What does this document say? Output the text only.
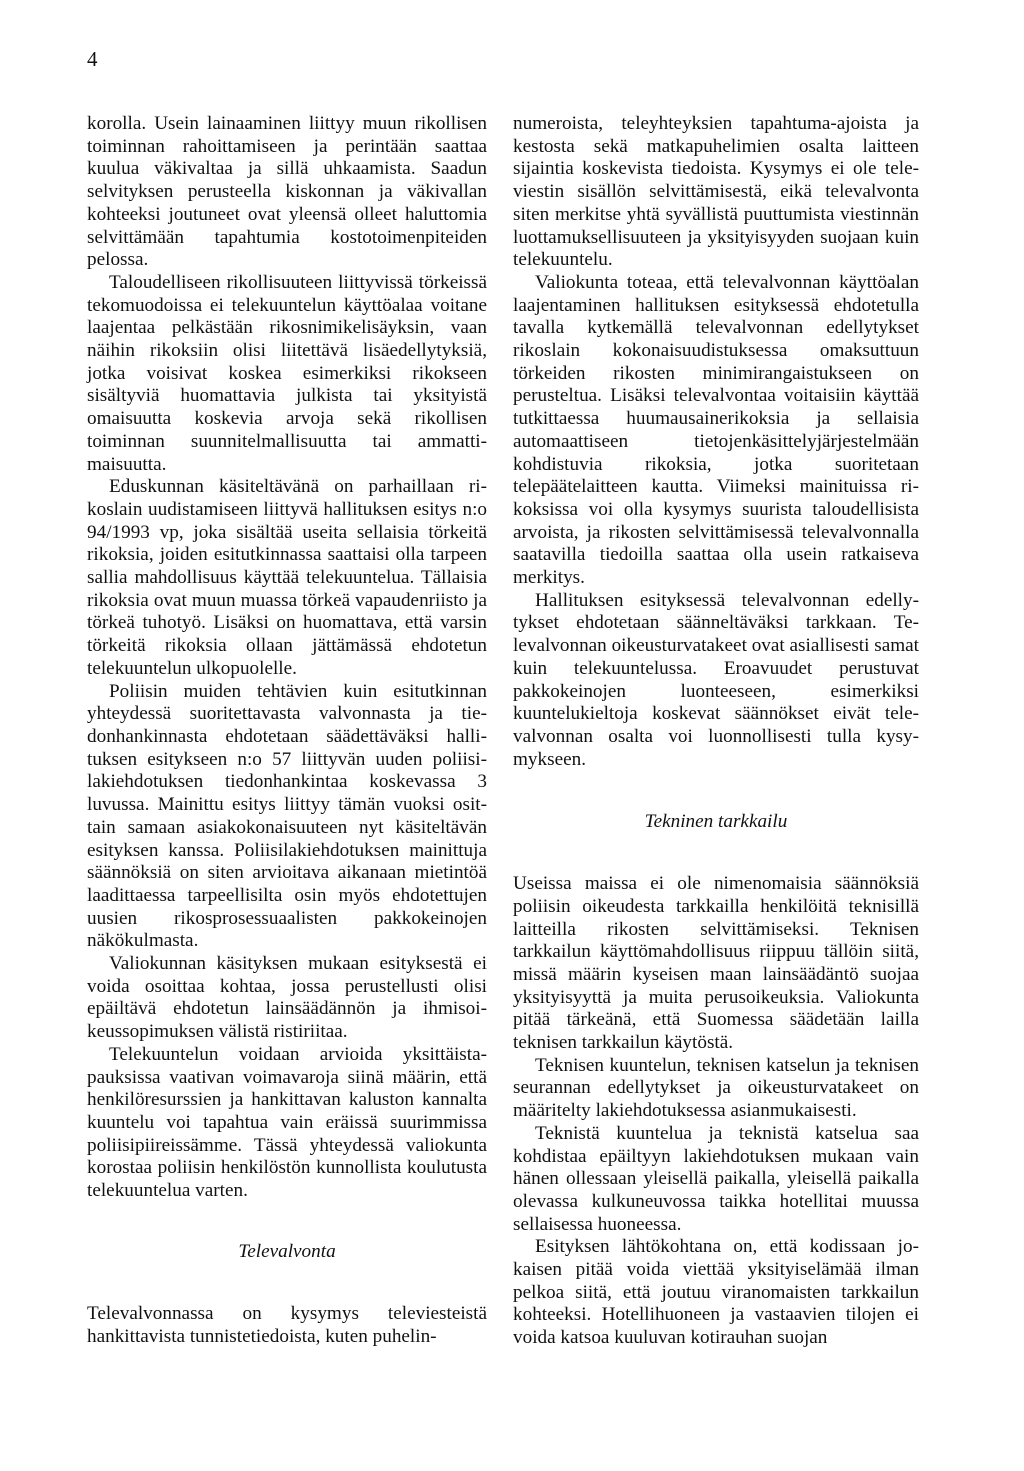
4

korolla. Usein lainaaminen liittyy muun rikollisen toiminnan rahoittamiseen ja perintään saattaa kuulua väkivaltaa ja sillä uhkaamista. Saadun selvityksen perusteella kiskonnan ja väkivallan kohteeksi joutuneet ovat yleensä olleet haluttomia selvittämään tapahtumia kostotoimenpiteiden pelossa.

Taloudelliseen rikollisuuteen liittyvissä törkeissä tekomuodoissa ei telekuuntelun käyttöalaa voitane laajentaa pelkästään rikosnimikelisäyksin, vaan näihin rikoksiin olisi liitettävä lisäedellytyksiä, jotka voisivat koskea esimerkiksi rikokseen sisältyviä huomattavia julkista tai yksityistä omaisuutta koskevia arvoja sekä rikollisen toiminnan suunnitelmallisuutta tai ammattimaisuutta.

Eduskunnan käsiteltävänä on parhaillaan rikoslain uudistamiseen liittyvä hallituksen esitys n:o 94/1993 vp, joka sisältää useita sellaisia törkeitä rikoksia, joiden esitutkinnassa saattaisi olla tarpeen sallia mahdollisuus käyttää telekuuntelua. Tällaisia rikoksia ovat muun muassa törkeä vapaudenriisto ja törkeä tuhotyö. Lisäksi on huomattava, että varsin törkeitä rikoksia ollaan jättämässä ehdotetun telekuuntelun ulkopuolelle.

Poliisin muiden tehtävien kuin esitutkinnan yhteydessä suoritettavasta valvonnasta ja tiedonhankinnasta ehdotetaan säädettäväksi hallituksen esitykseen n:o 57 liittyvän uuden poliisilakiehdotuksen tiedonhankintaa koskevassa 3 luvussa. Mainittu esitys liittyy tämän vuoksi osittain samaan asiakokonaisuuteen nyt käsiteltävän esityksen kanssa. Poliisilakiehdotuksen mainittuja säännöksiä on siten arvioitava aikanaan mietintöä laadittaessa tarpeellisilta osin myös ehdotettujen uusien rikosprosessuaalisten pakkokeinojen näkökulmasta.

Valiokunnan käsityksen mukaan esityksestä ei voida osoittaa kohtaa, jossa perustellusti olisi epäiltävä ehdotetun lainsäädännön ja ihmisoikeussopimuksen välistä ristiriitaa.

Telekuuntelun voidaan arvioida yksittäistapauksissa vaativan voimavaroja siinä määrin, että henkilöresurssien ja hankittavan kaluston kannalta kuuntelu voi tapahtua vain eräissä suurimmissa poliisipiireissämme. Tässä yhteydessä valiokunta korostaa poliisin henkilöstön kunnollista koulutusta telekuuntelua varten.

Televalvonta

Televalvonnassa on kysymys televiesteistä hankittavista tunnistetiedoista, kuten puhelin-

numeroista, teleyhteyksien tapahtuma-ajoista ja kestosta sekä matkapuhelimien osalta laitteen sijaintia koskevista tiedoista. Kysymys ei ole televiestin sisällön selvittämisestä, eikä televalvonta siten merkitse yhtä syvällistä puuttumista viestinnän luottamuksellisuuteen ja yksityisyyden suojaan kuin telekuuntelu.

Valiokunta toteaa, että televalvonnan käyttöalan laajentaminen hallituksen esityksessä ehdotetulla tavalla kytkemällä televalvonnan edellytykset rikoslain kokonaisuudistuksessa omaksuttuun törkeiden rikosten minimirangaistukseen on perusteltua. Lisäksi televalvontaa voitaisiin käyttää tutkittaessa huumausainerikoksia ja sellaisia automaattiseen tietojenkäsittelyjärjestelmään kohdistuvia rikoksia, jotka suoritetaan telepäätelaitteen kautta. Viimeksi mainituissa rikoksissa voi olla kysymys suurista taloudellisista arvoista, ja rikosten selvittämisessä televalvonnalla saatavilla tiedoilla saattaa olla usein ratkaiseva merkitys.

Hallituksen esityksessä televalvonnan edellytykset ehdotetaan säänneltäväksi tarkkaan. Televalvonnan oikeusturvatakeet ovat asiallisesti samat kuin telekuuntelussa. Eroavuudet perustuvat pakkokeinojen luonteeseen, esimerkiksi kuuntelukieltoja koskevat säännökset eivät televalvonnan osalta voi luonnollisesti tulla kysymykseen.

Tekninen tarkkailu

Useissa maissa ei ole nimenomaisia säännöksiä poliisin oikeudesta tarkkailla henkilöitä teknisillä laitteilla rikosten selvittämiseksi. Teknisen tarkkailun käyttömahdollisuus riippuu tällöin siitä, missä määrin kyseisen maan lainsäädäntö suojaa yksityisyyttä ja muita perusoikeuksia. Valiokunta pitää tärkeänä, että Suomessa säädetään laillа teknisen tarkkailun käytöstä.

Teknisen kuuntelun, teknisen katselun ja teknisen seurannan edellytykset ja oikeusturvatakeet on määritelty lakiehdotuksessa asianmukaisesti.

Teknistä kuuntelua ja teknistä katselua saa kohdistaa epäiltyyn lakiehdotuksen mukaan vain hänen ollessaan yleisellä paikalla, yleisellä paikalla olevassa kulkuneuvossa taikka hotellitai muussa sellaisessa huoneessa.

Esityksen lähtökohtana on, että kodissaan jokaisen pitää voida viettää yksityiselämää ilman pelkoa siitä, että joutuu viranomaisten tarkkailun kohteeksi. Hotellihuoneen ja vastaavien tilojen ei voida katsoa kuuluvan kotirauhan suojan
